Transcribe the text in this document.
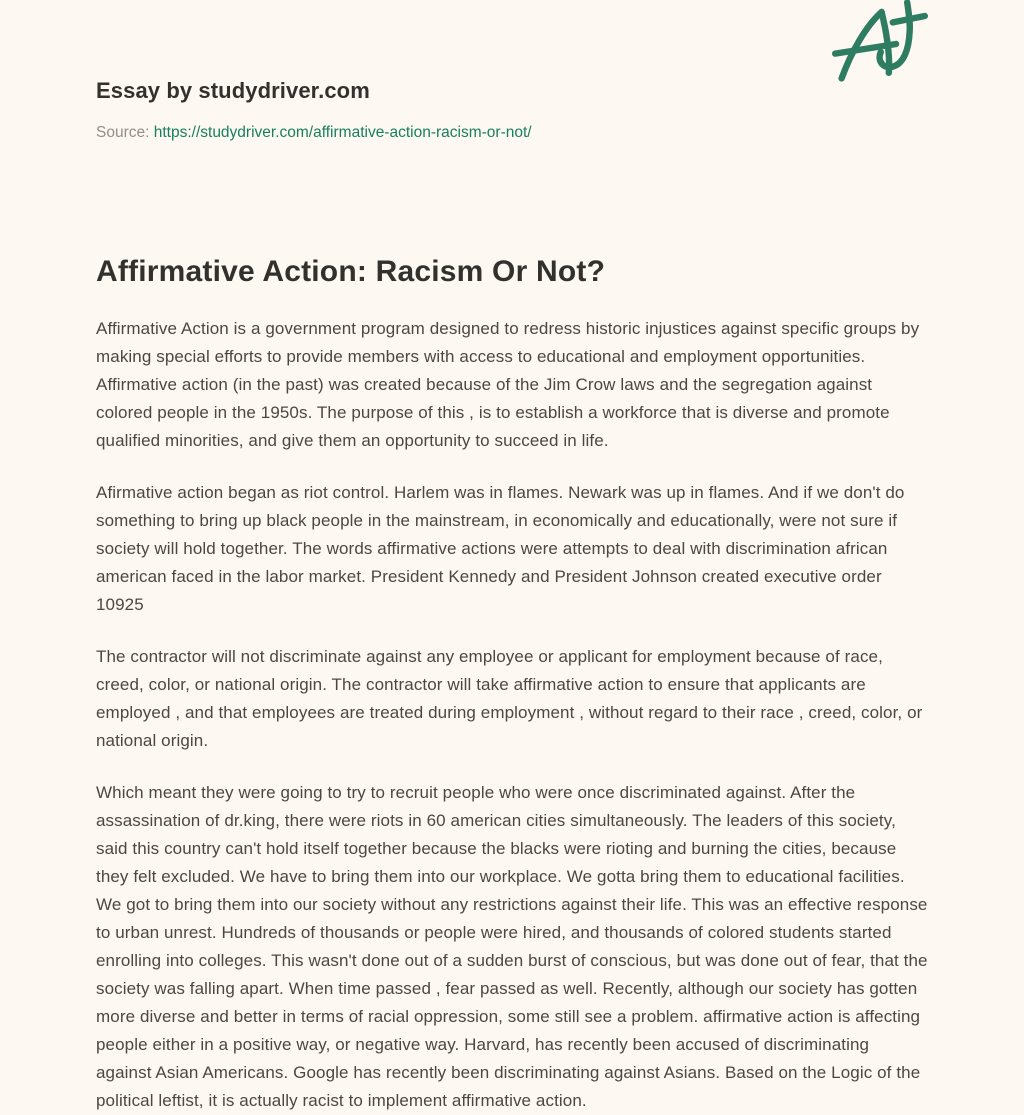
Essay by studydriver.com

Source: https://studydriver.com/affirmative-action-racism-or-not/

Affirmative Action: Racism Or Not?

Affirmative Action is a government program designed to redress historic injustices against specific groups by making special efforts to provide members with access to educational and employment opportunities. Affirmative action (in the past) was created because of the Jim Crow laws and the segregation against colored people in the 1950s. The purpose of this , is to establish a workforce that is diverse and promote qualified minorities, and give them an opportunity to succeed in life.

Afirmative action began as riot control. Harlem was in flames. Newark was up in flames. And if we don't do something to bring up black people in the mainstream, in economically and educationally, were not sure if society will hold together. The words affirmative actions were attempts to deal with discrimination african american faced in the labor market. President Kennedy and President Johnson created executive order 10925

The contractor will not discriminate against any employee or applicant for employment because of race, creed, color, or national origin. The contractor will take affirmative action to ensure that applicants are employed , and that employees are treated during employment , without regard to their race , creed, color, or national origin.

Which meant they were going to try to recruit people who were once discriminated against. After the assassination of dr.king, there were riots in 60 american cities simultaneously. The leaders of this society, said this country can't hold itself together because the blacks were rioting and burning the cities, because they felt excluded. We have to bring them into our workplace. We gotta bring them to educational facilities. We got to bring them into our society without any restrictions against their life. This was an effective response to urban unrest. Hundreds of thousands or people were hired, and thousands of colored students started enrolling into colleges. This wasn't done out of a sudden burst of conscious, but was done out of fear, that the society was falling apart. When time passed , fear passed as well. Recently, although our society has gotten more diverse and better in terms of racial oppression, some still see a problem. affirmative action is affecting people either in a positive way, or negative way. Harvard, has recently been accused of discriminating against Asian Americans. Google has recently been discriminating against Asians. Based on the Logic of the political leftist, it is actually racist to implement affirmative action.
